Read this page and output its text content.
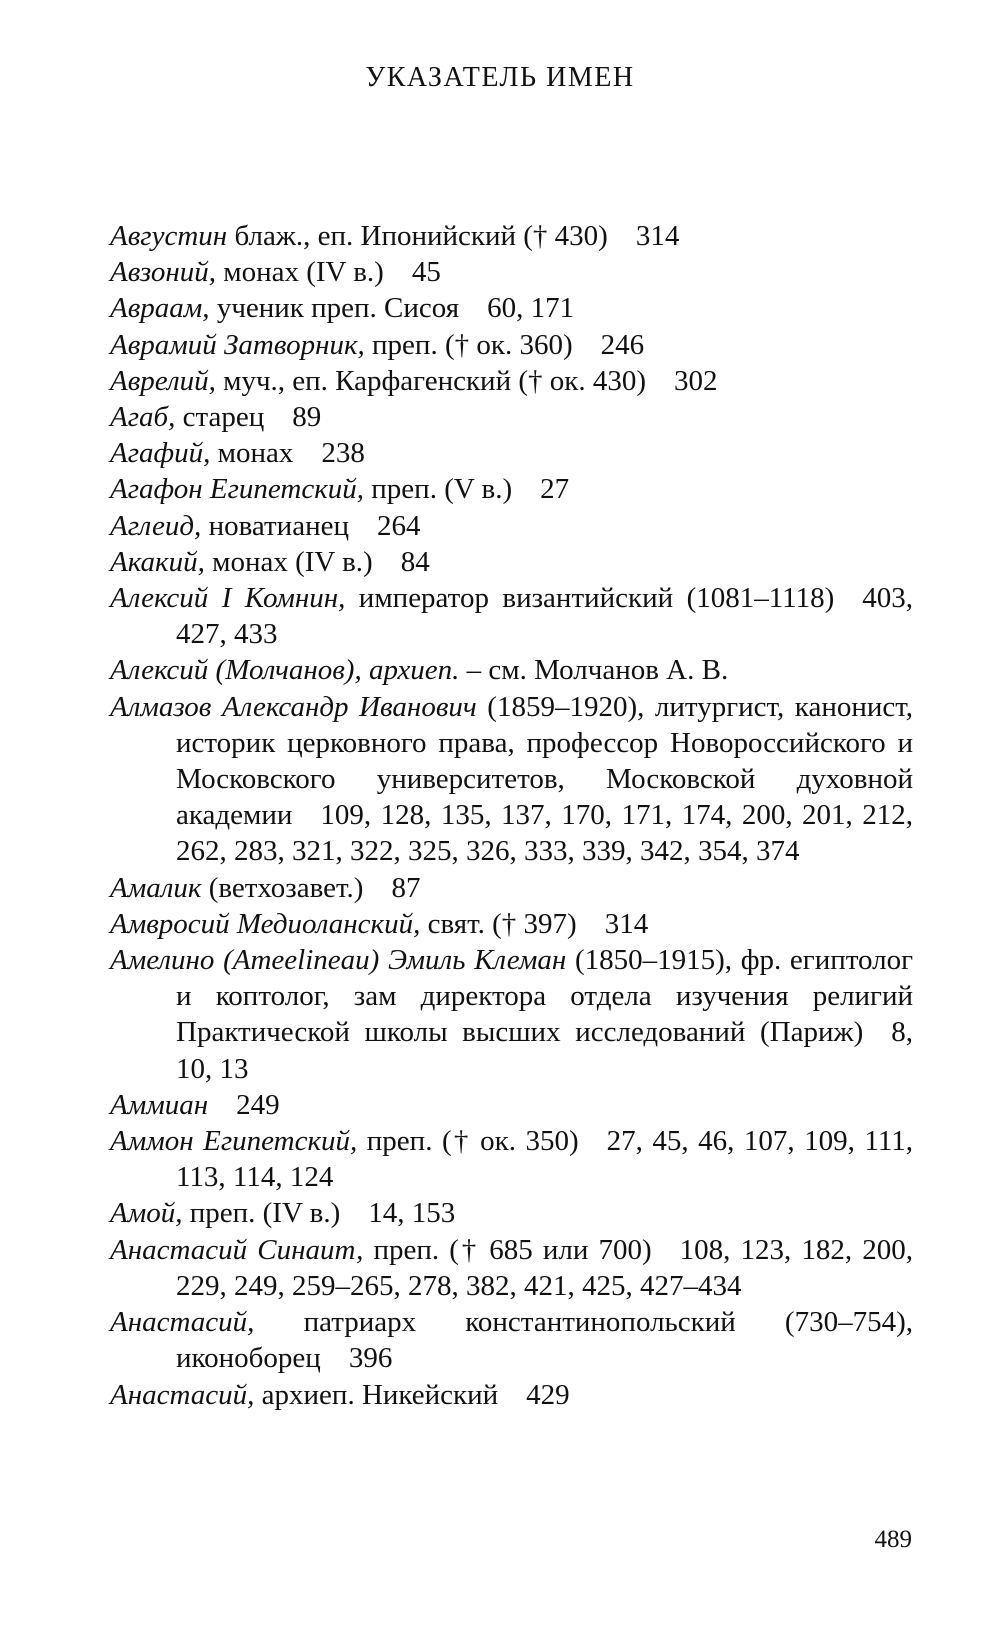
УКАЗАТЕЛЬ ИМЕН
Августин блаж., еп. Ипонийский († 430) 314
Авзоний, монах (IV в.) 45
Авраам, ученик преп. Сисоя 60, 171
Аврамий Затворник, преп. († ок. 360) 246
Аврелий, муч., еп. Карфагенский († ок. 430) 302
Агаб, старец 89
Агафий, монах 238
Агафон Египетский, преп. (V в.) 27
Аглеид, новатианец 264
Акакий, монах (IV в.) 84
Алексий I Комнин, император византийский (1081–1118) 403, 427, 433
Алексий (Молчанов), архиеп. – см. Молчанов А. В.
Алмазов Александр Иванович (1859–1920), литургист, канонист, историк церковного права, профессор Новороссийского и Московского университетов, Московской духовной академии 109, 128, 135, 137, 170, 171, 174, 200, 201, 212, 262, 283, 321, 322, 325, 326, 333, 339, 342, 354, 374
Амалик (ветхозавет.) 87
Амвросий Медиоланский, свят. († 397) 314
Амелино (Ameelineau) Эмиль Клеман (1850–1915), фр. египтолог и коптолог, зам директора отдела изучения религий Практической школы высших исследований (Париж) 8, 10, 13
Аммиан 249
Аммон Египетский, преп. († ок. 350) 27, 45, 46, 107, 109, 111, 113, 114, 124
Амой, преп. (IV в.) 14, 153
Анастасий Синаит, преп. († 685 или 700) 108, 123, 182, 200, 229, 249, 259–265, 278, 382, 421, 425, 427–434
Анастасий, патриарх константинопольский (730–754), иконоборец 396
Анастасий, архиеп. Никейский 429

489
